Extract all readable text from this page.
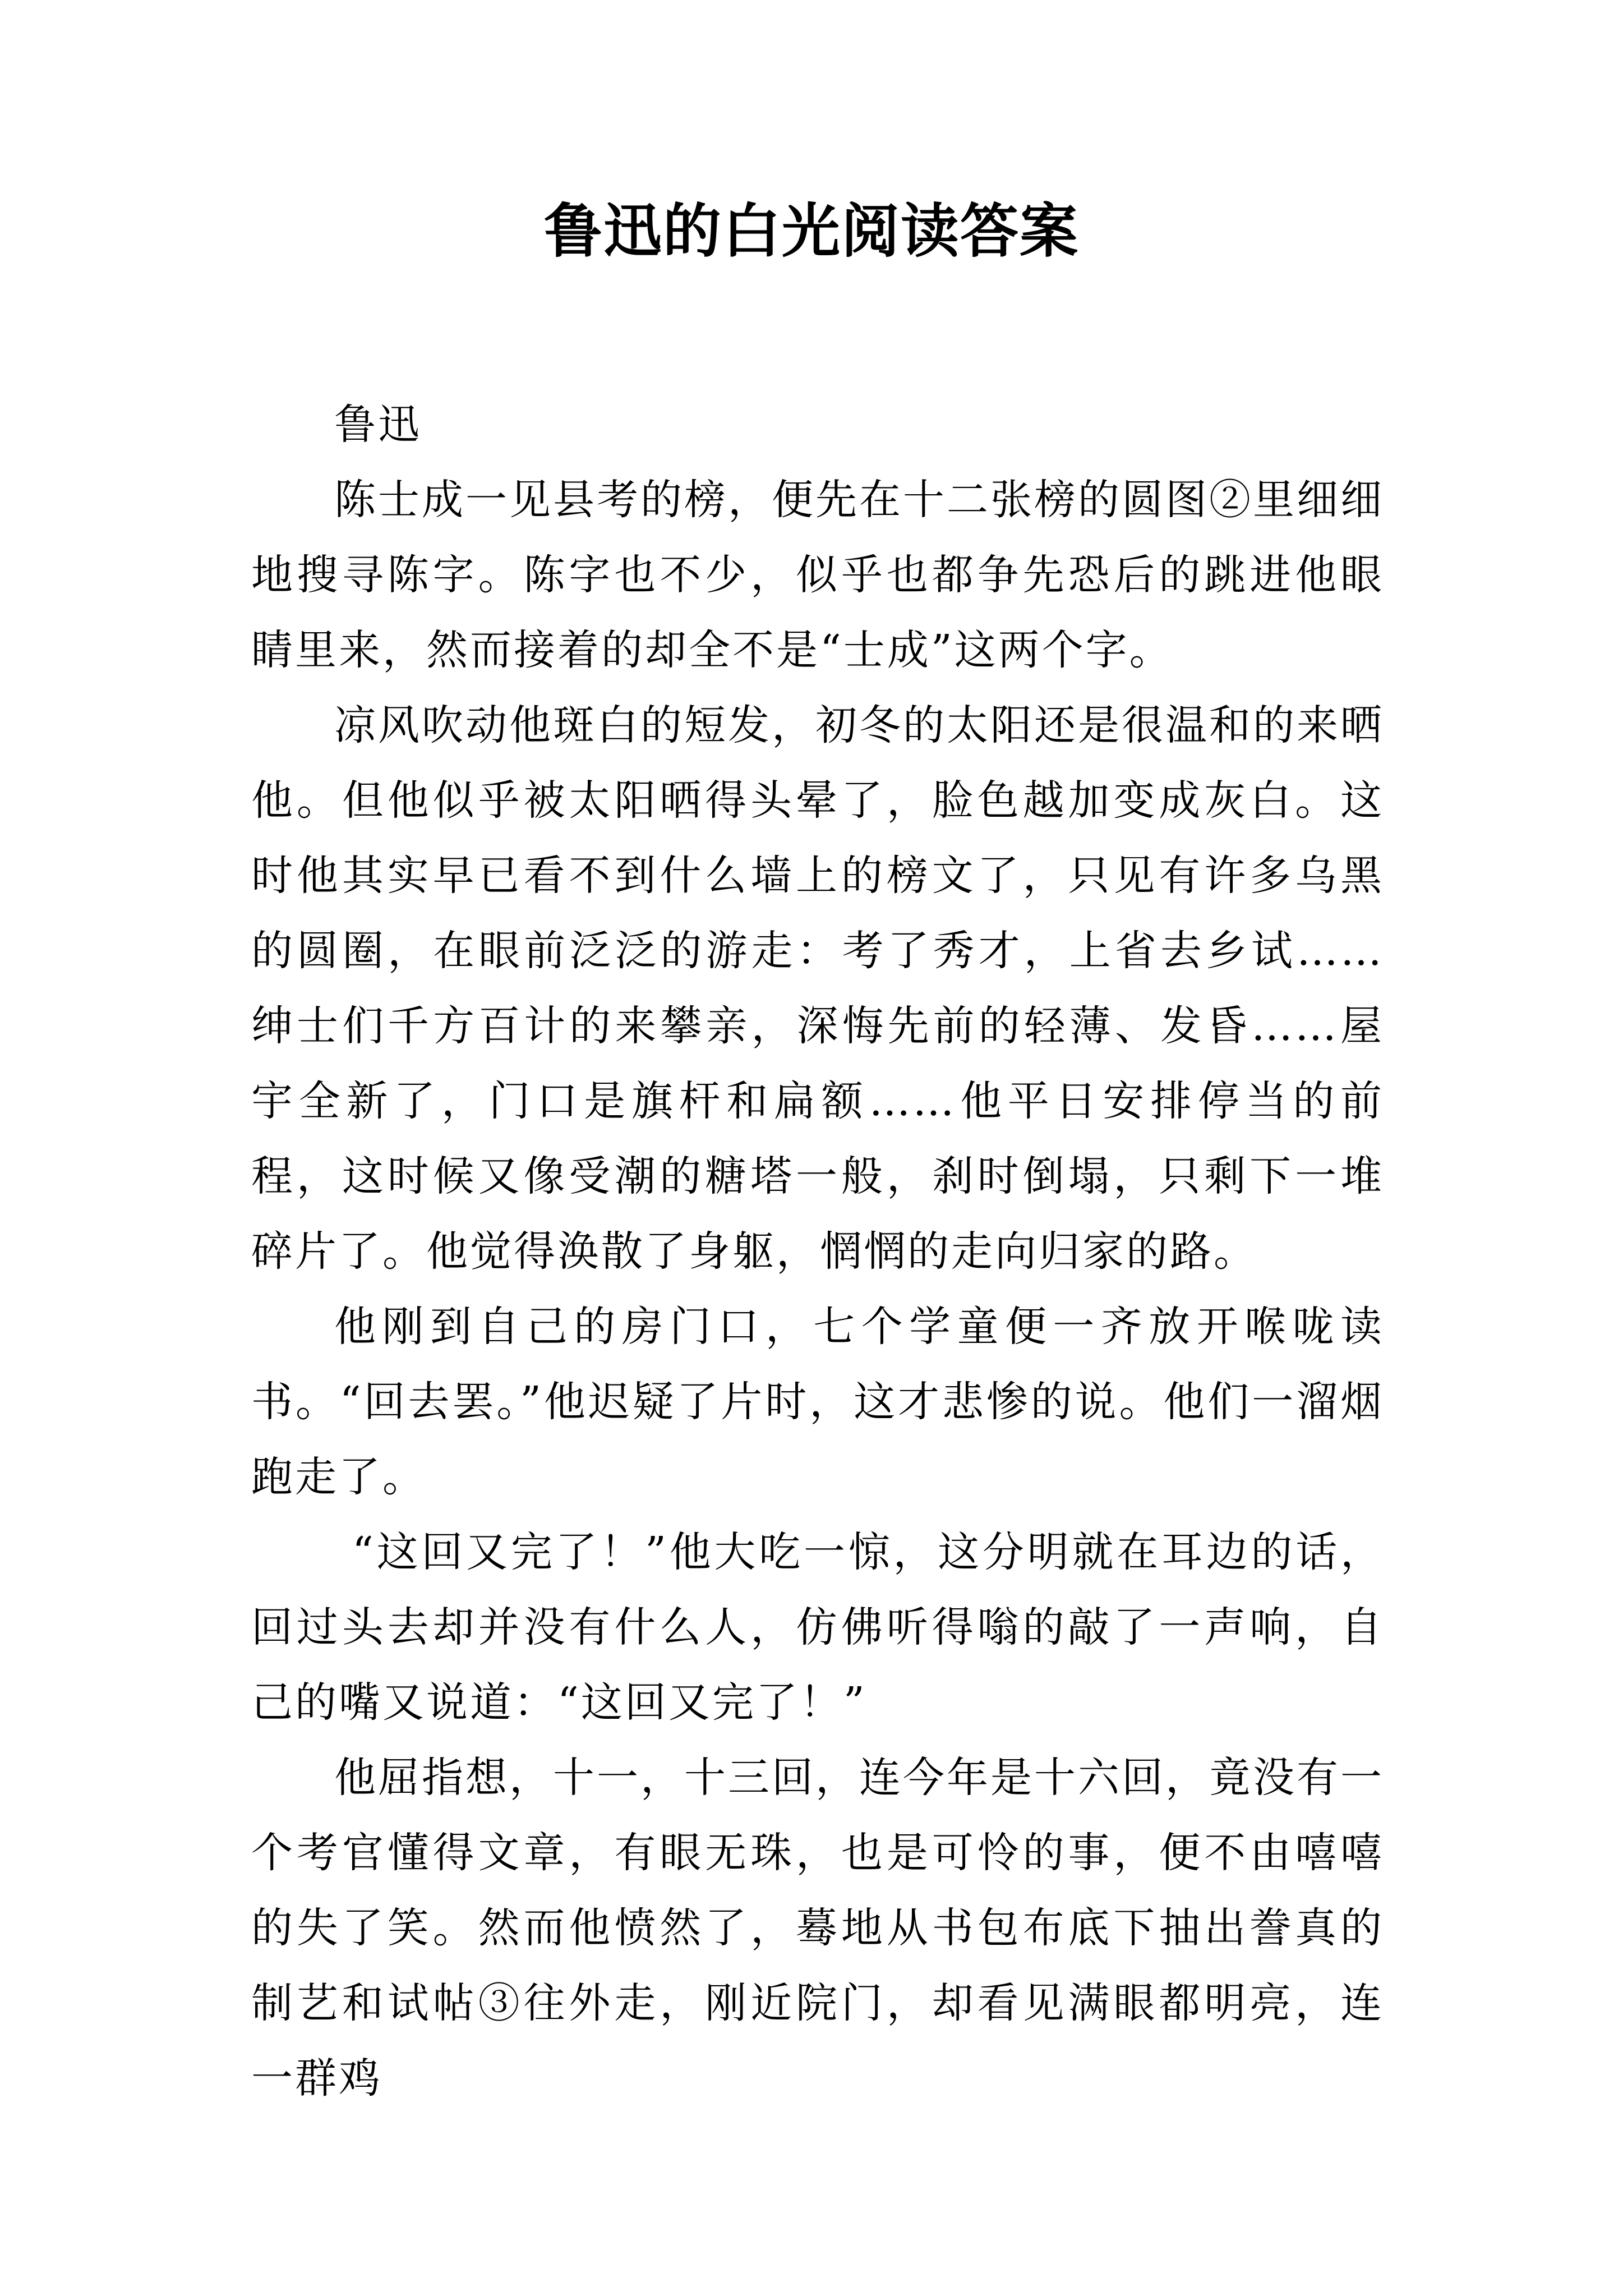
鲁迅的白光阅读答案

鲁迅

陈士成一见县考的榜，便先在十二张榜的圆图②里细细地搜寻陈字。陈字也不少，似乎也都争先恐后的跳进他眼睛里来，然而接着的却全不是“士成”这两个字。

凉风吹动他斑白的短发，初冬的太阳还是很温和的来晒他。但他似乎被太阳晒得头晕了，脸色越加变成灰白。这时他其实早已看不到什么墙上的榜文了，只见有许多乌黑的圆圈，在眼前泛泛的游走：考了秀才，上省去乡试……绅士们千方百计的来攀亲，深悔先前的轻薄、发昏……屋宇全新了，门口是旗杆和扁额……他平日安排停当的前程，这时候又像受潮的糖塔一般，刹时倒塌，只剩下一堆碎片了。他觉得涣散了身躯，惘惘的走向归家的路。

他刚到自己的房门口，七个学童便一齐放开喉咙读书。“回去罢。”他迟疑了片时，这才悲惨的说。他们一溜烟跑走了。

“这回又完了！”他大吃一惊，这分明就在耳边的话，回过头去却并没有什么人，仿佛听得嗡的敲了一声响，自己的嘴又说道：“这回又完了！”

他屈指想，十一，十三回，连今年是十六回，竟没有一个考官懂得文章，有眼无珠，也是可怜的事，便不由嘻嘻的失了笑。然而他愤然了，蓦地从书包布底下抽出誊真的制艺和试帖③往外走，刚近院门，却看见满眼都明亮，连一群鸡
